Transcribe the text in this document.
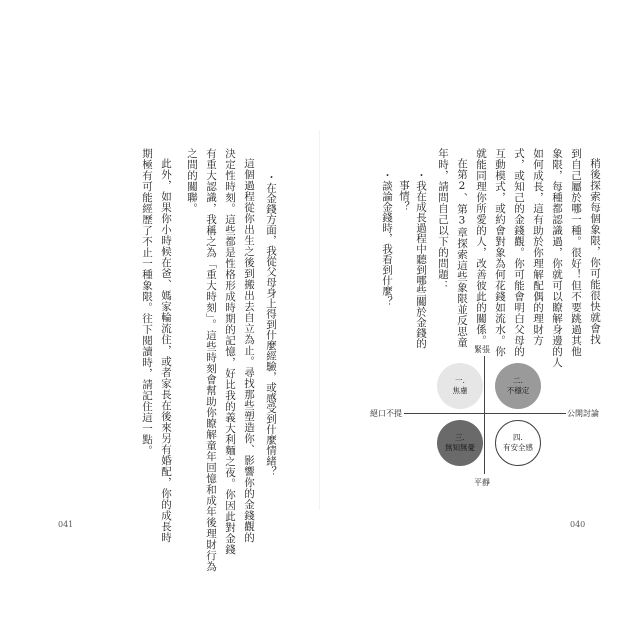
・在金錢方面，我從父母身上得到什麼經驗，或感受到什麼情緒？
這個過程從你出生之後到搬出去自立為止。尋找那些塑造你、影響你的金錢觀的
決定性時刻。這些都是性格形成時期的記憶，好比我的義大利麵之夜。你因此對金錢
有重大認識，我稱之為「重大時刻」。這些時刻會幫助你瞭解童年回憶和成年後理財行為
之間的關聯。
此外，如果你小時候在爸、媽家輪流住，或者家長在後來另有婚配，你的成長時
期極有可能經歷了不止一種象限。往下閱讀時，請記住這一點。
041
稍後探索每個象限，你可能很快就會找
到自己屬於哪一種。很好！但不要跳過其他
象限，每種都認識過，你就可以瞭解身邊的人
如何成長，這有助於你理解配偶的理財方
式，或知己的金錢觀。你可能會明白父母的
互動模式，或約會對象為何花錢如流水。你
就能同理你所愛的人，改善彼此的關係。
在第2、第3章探索這些象限並反思童
年時，請問自己以下的問題：
・我在成長過程中聽到哪些關於金錢的
事情？
・談論金錢時，我看到什麼？
040
緊張
平靜
絕口不提	公開討論
一.
焦慮
二.
不穩定
三.
無知無憂
四.
有安全感
